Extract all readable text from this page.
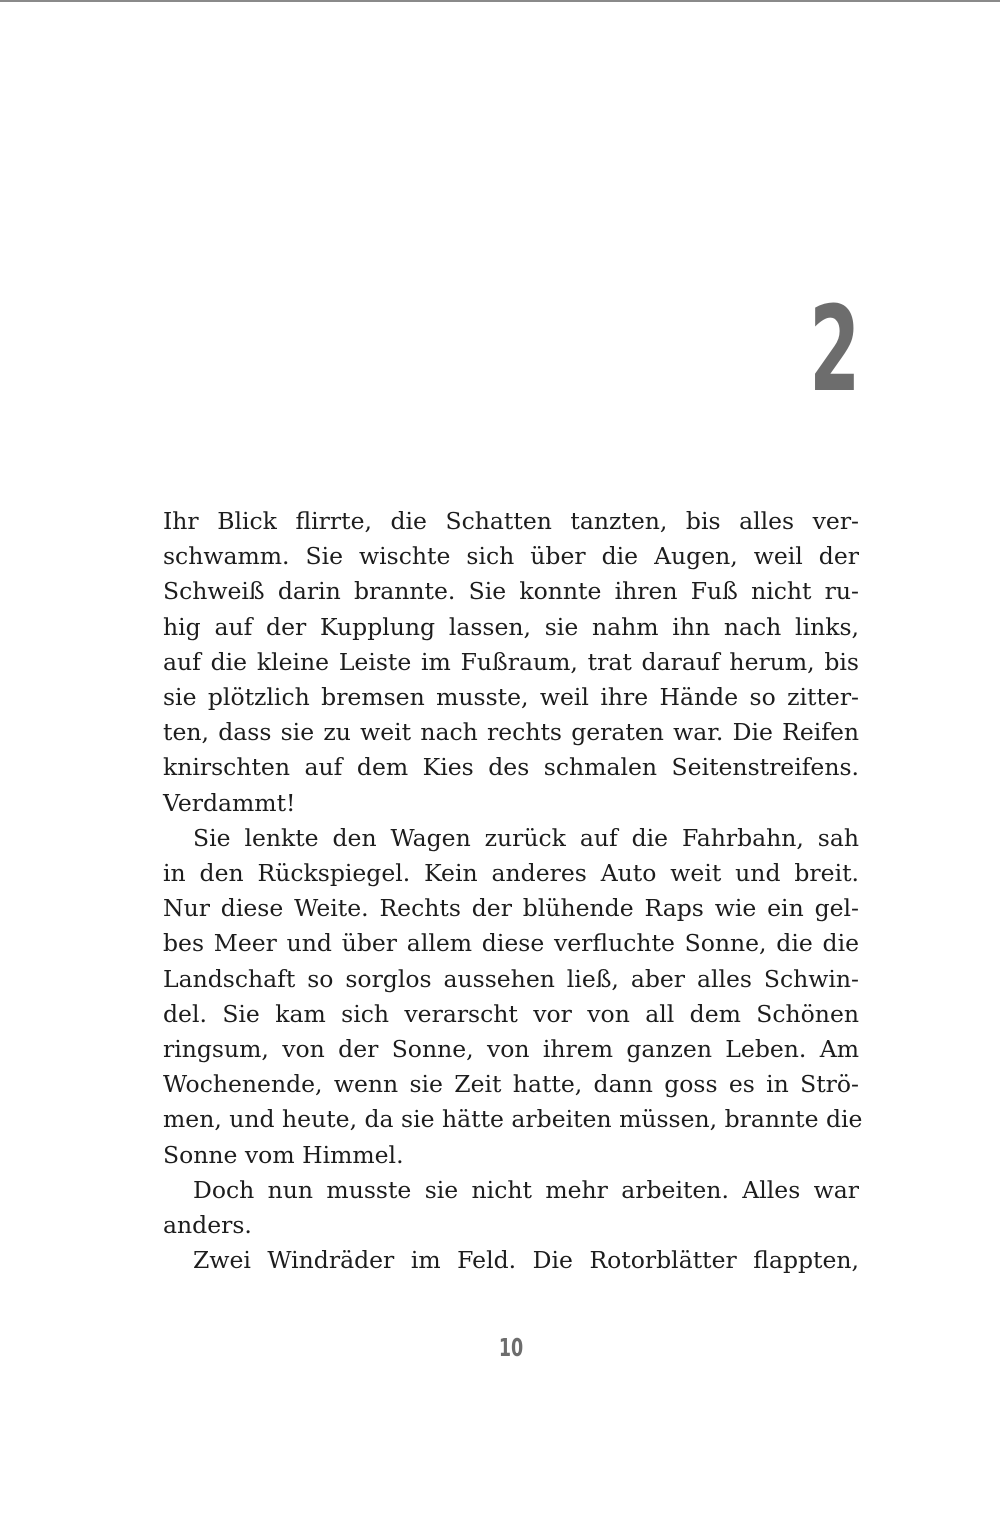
2
Ihr Blick flirrte, die Schatten tanzten, bis alles ver-
schwamm. Sie wischte sich über die Augen, weil der
Schweiß darin brannte. Sie konnte ihren Fuß nicht ru-
hig auf der Kupplung lassen, sie nahm ihn nach links,
auf die kleine Leiste im Fußraum, trat darauf herum, bis
sie plötzlich bremsen musste, weil ihre Hände so zitter-
ten, dass sie zu weit nach rechts geraten war. Die Reifen
knirschten auf dem Kies des schmalen Seitenstreifens.
Verdammt!
Sie lenkte den Wagen zurück auf die Fahrbahn, sah
in den Rückspiegel. Kein anderes Auto weit und breit.
Nur diese Weite. Rechts der blühende Raps wie ein gel-
bes Meer und über allem diese verfluchte Sonne, die die
Landschaft so sorglos aussehen ließ, aber alles Schwin-
del. Sie kam sich verarscht vor von all dem Schönen
ringsum, von der Sonne, von ihrem ganzen Leben. Am
Wochenende, wenn sie Zeit hatte, dann goss es in Strö-
men, und heute, da sie hätte arbeiten müssen, brannte die
Sonne vom Himmel.
Doch nun musste sie nicht mehr arbeiten. Alles war
anders.
Zwei Windräder im Feld. Die Rotorblätter flappten,
10
